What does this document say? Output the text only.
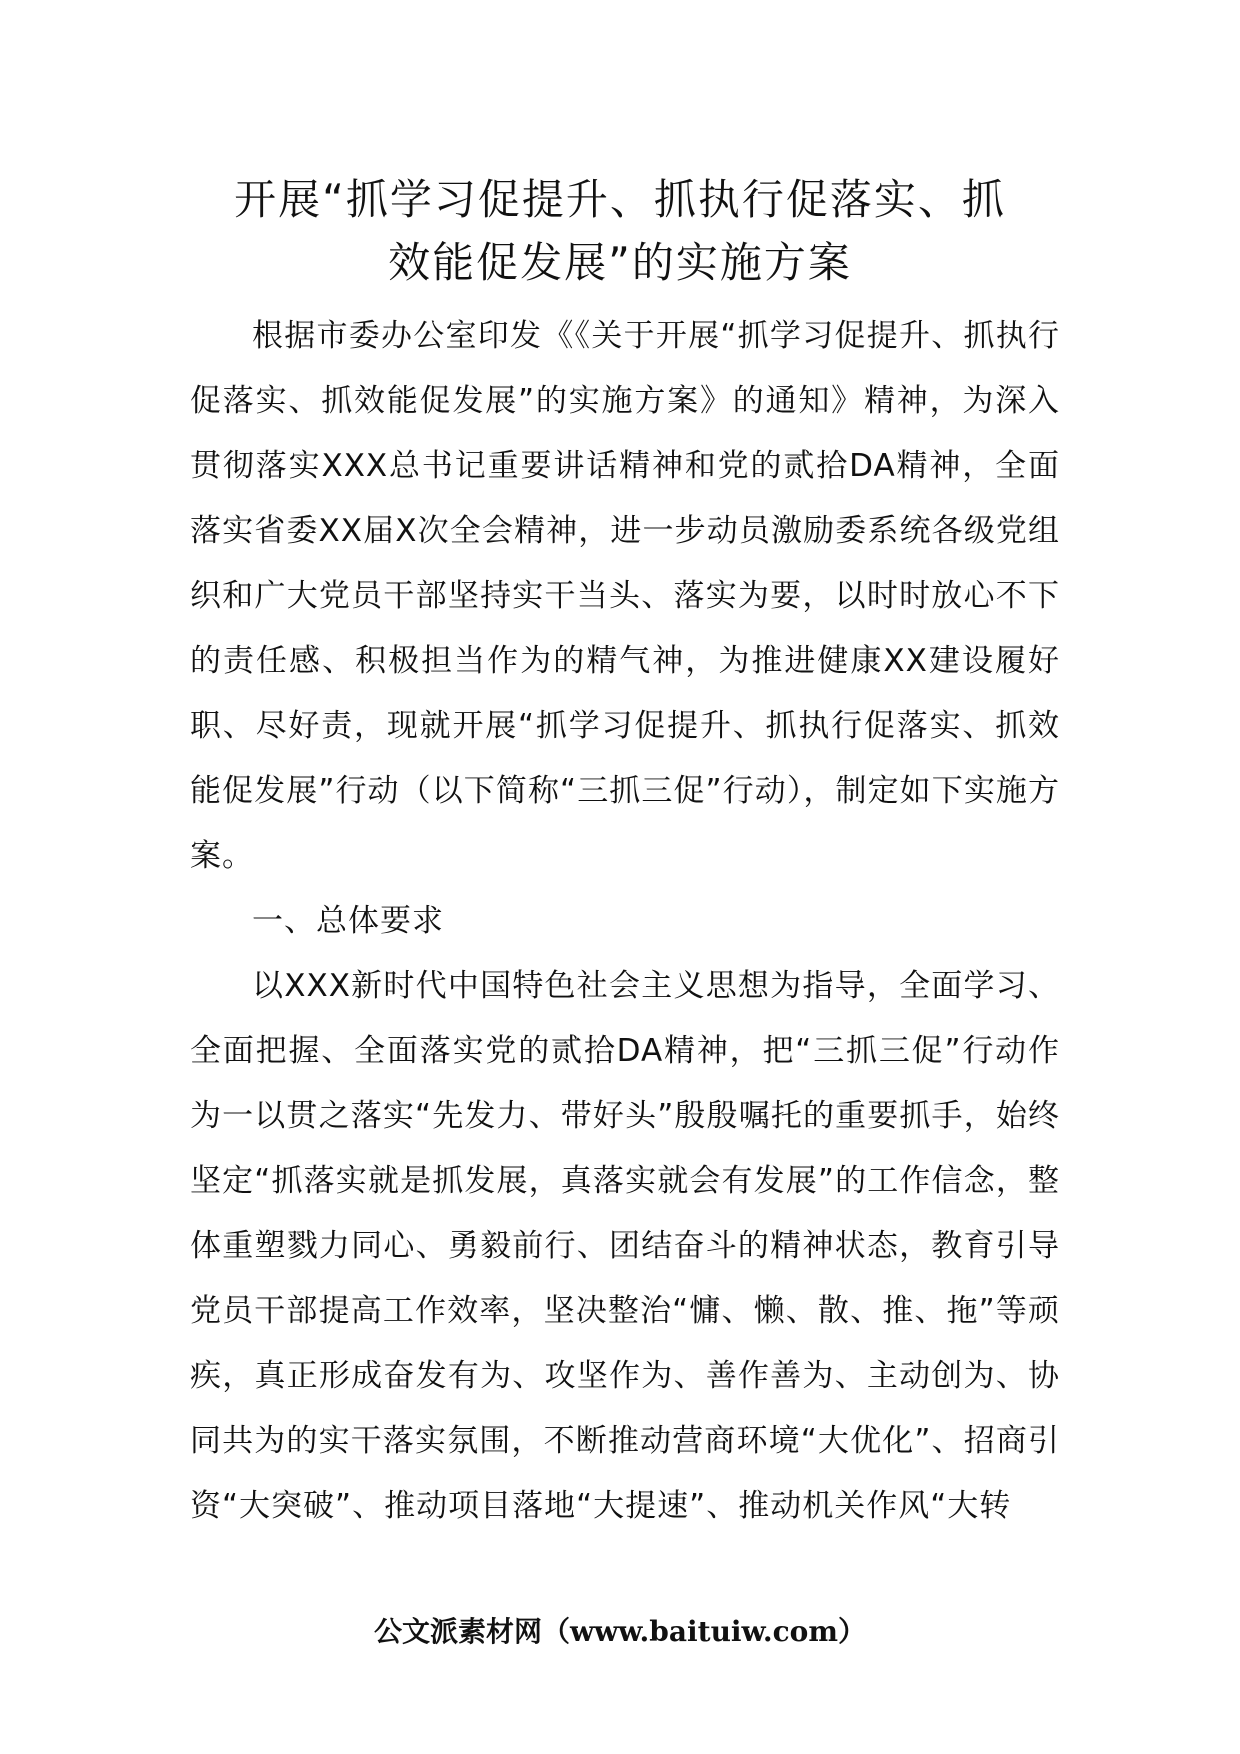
开展“抓学习促提升、抓执行促落实、抓
效能促发展”的实施方案

根据市委办公室印发《《关于开展“抓学习促提升、抓执行促落实、抓效能促发展”的实施方案》的通知》精神，为深入贯彻落实XXX总书记重要讲话精神和党的贰拾DA精神，全面落实省委XX届X次全会精神，进一步动员激励委系统各级党组织和广大党员干部坚持实干当头、落实为要，以时时放心不下的责任感、积极担当作为的精气神，为推进健康XX建设履好职、尽好责，现就开展“抓学习促提升、抓执行促落实、抓效能促发展”行动（以下简称“三抓三促”行动），制定如下实施方案。

一、总体要求

以XXX新时代中国特色社会主义思想为指导，全面学习、全面把握、全面落实党的贰拾DA精神，把“三抓三促”行动作为一以贯之落实“先发力、带好头”殷殷嘱托的重要抓手，始终坚定“抓落实就是抓发展，真落实就会有发展”的工作信念，整体重塑戮力同心、勇毅前行、团结奋斗的精神状态，教育引导党员干部提高工作效率，坚决整治“慵、懒、散、推、拖”等顽疾，真正形成奋发有为、攻坚作为、善作善为、主动创为、协同共为的实干落实氛围，不断推动营商环境“大优化”、招商引资“大突破”、推动项目落地“大提速”、推动机关作风“大转

公文派素材网（www.baituiw.com）
